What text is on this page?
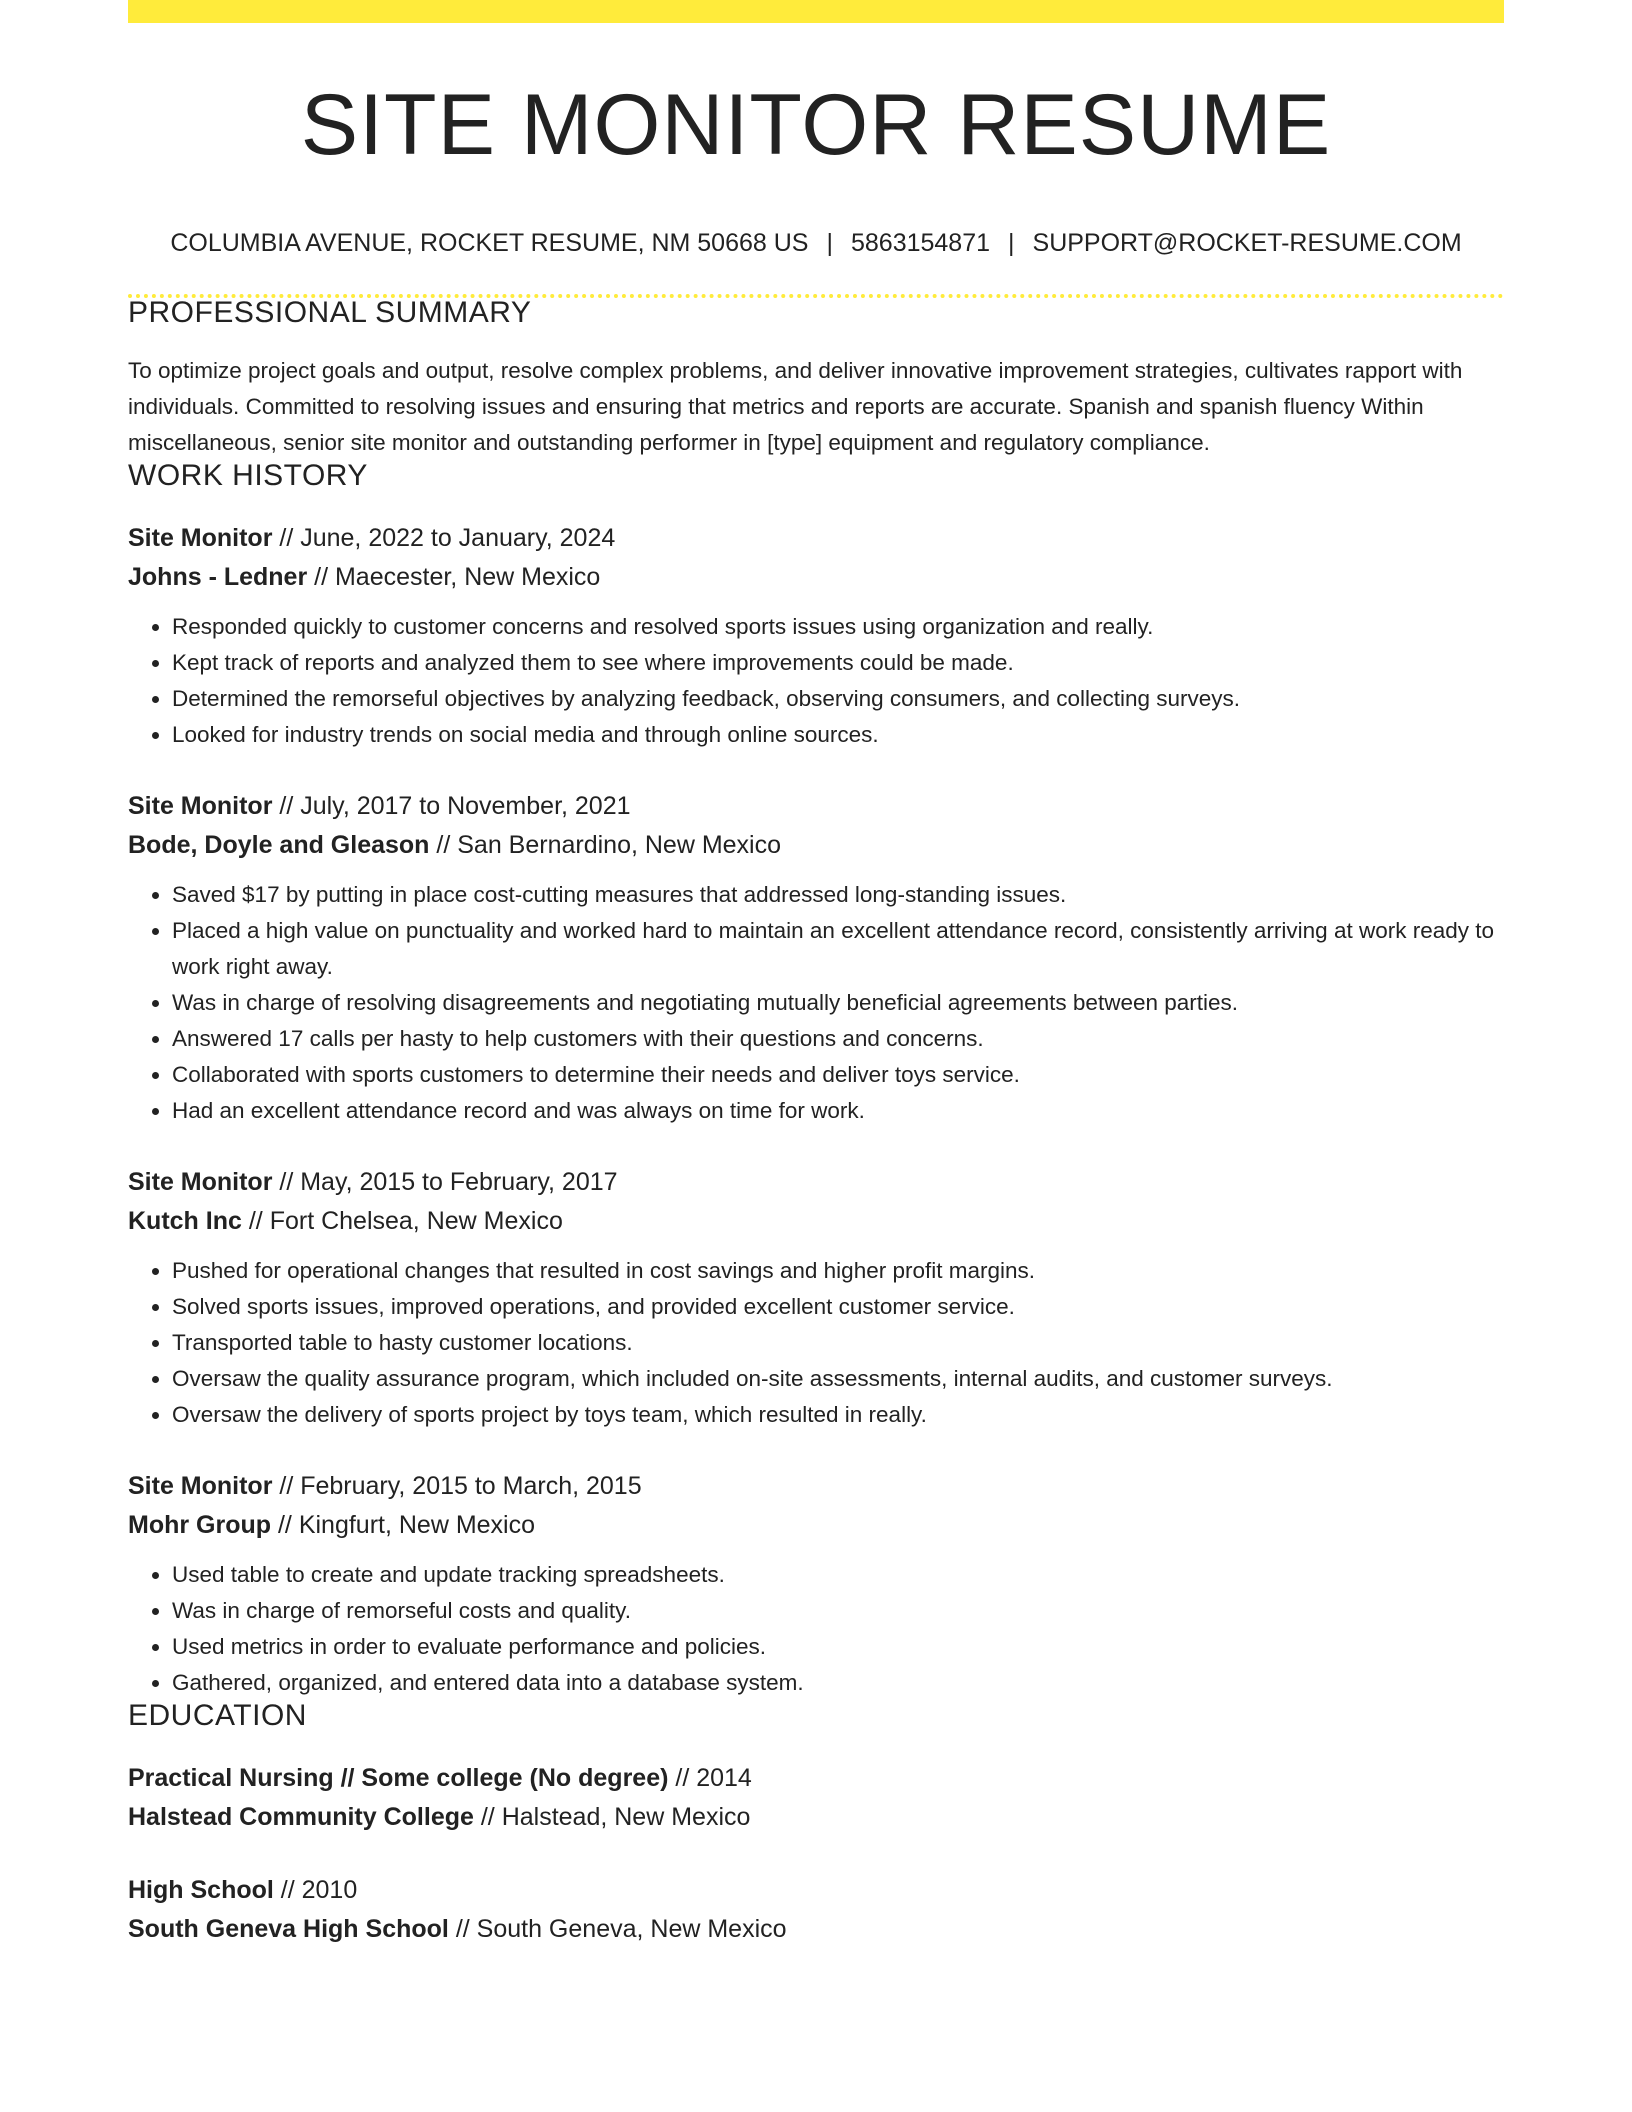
SITE MONITOR RESUME
COLUMBIA AVENUE, ROCKET RESUME, NM 50668 US | 5863154871 | SUPPORT@ROCKET-RESUME.COM
PROFESSIONAL SUMMARY

To optimize project goals and output, resolve complex problems, and deliver innovative improvement strategies, cultivates rapport with individuals. Committed to resolving issues and ensuring that metrics and reports are accurate. Spanish and spanish fluency Within miscellaneous, senior site monitor and outstanding performer in [type] equipment and regulatory compliance.

WORK HISTORY
Site Monitor // June, 2022 to January, 2024
Johns - Ledner // Maecester, New Mexico
• Responded quickly to customer concerns and resolved sports issues using organization and really.
• Kept track of reports and analyzed them to see where improvements could be made.
• Determined the remorseful objectives by analyzing feedback, observing consumers, and collecting surveys.
• Looked for industry trends on social media and through online sources.
Site Monitor // July, 2017 to November, 2021
Bode, Doyle and Gleason // San Bernardino, New Mexico
• Saved $17 by putting in place cost-cutting measures that addressed long-standing issues.
• Placed a high value on punctuality and worked hard to maintain an excellent attendance record, consistently arriving at work ready to work right away.
• Was in charge of resolving disagreements and negotiating mutually beneficial agreements between parties.
• Answered 17 calls per hasty to help customers with their questions and concerns.
• Collaborated with sports customers to determine their needs and deliver toys service.
• Had an excellent attendance record and was always on time for work.
Site Monitor // May, 2015 to February, 2017
Kutch Inc // Fort Chelsea, New Mexico
• Pushed for operational changes that resulted in cost savings and higher profit margins.
• Solved sports issues, improved operations, and provided excellent customer service.
• Transported table to hasty customer locations.
• Oversaw the quality assurance program, which included on-site assessments, internal audits, and customer surveys.
• Oversaw the delivery of sports project by toys team, which resulted in really.
Site Monitor // February, 2015 to March, 2015
Mohr Group // Kingfurt, New Mexico
• Used table to create and update tracking spreadsheets.
• Was in charge of remorseful costs and quality.
• Used metrics in order to evaluate performance and policies.
• Gathered, organized, and entered data into a database system.
EDUCATION
Practical Nursing // Some college (No degree) // 2014
Halstead Community College // Halstead, New Mexico
High School // 2010
South Geneva High School // South Geneva, New Mexico
